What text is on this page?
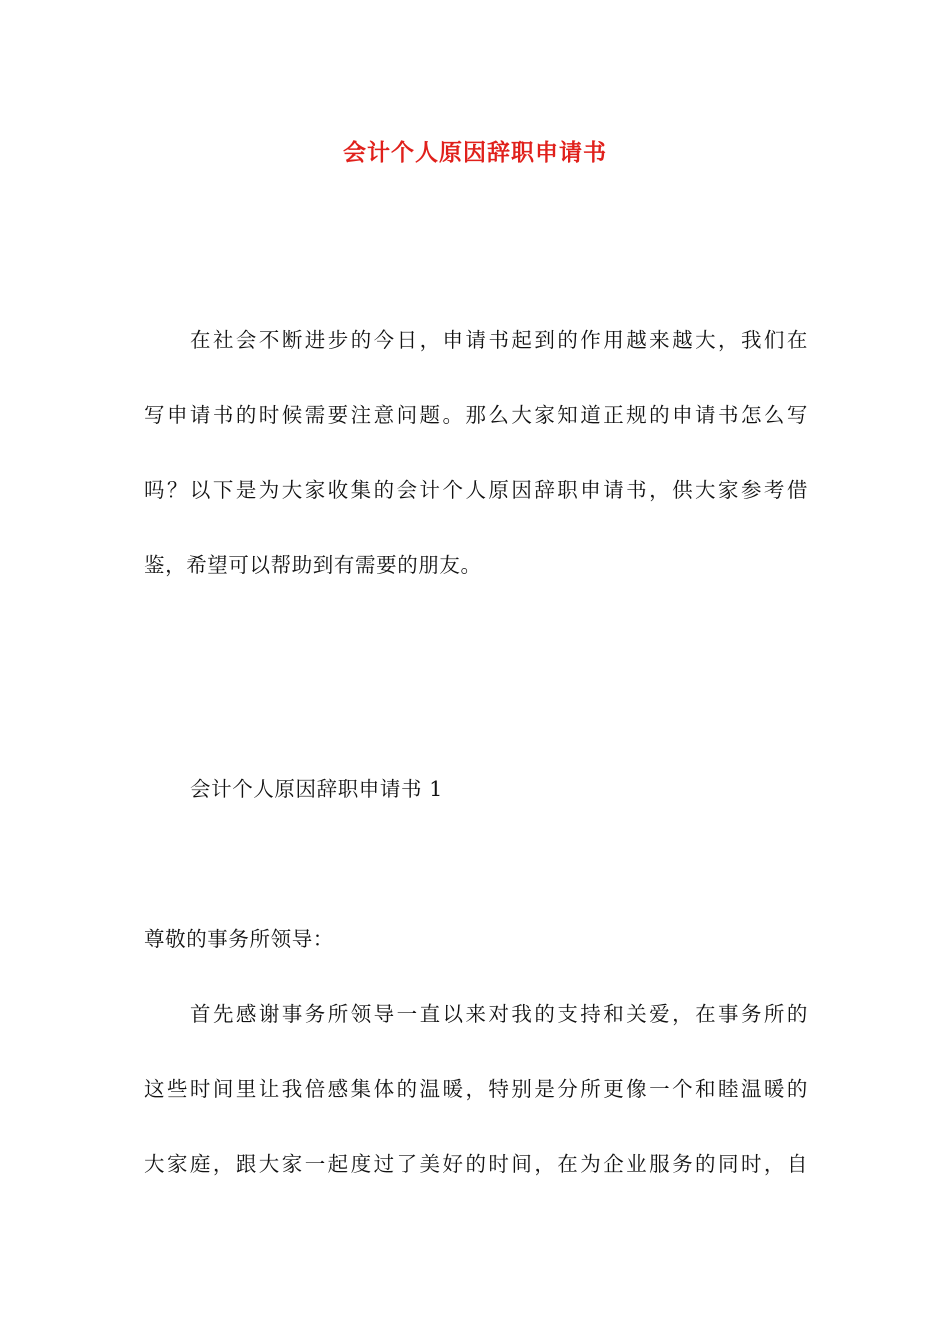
会计个人原因辞职申请书
在社会不断进步的今日，申请书起到的作用越来越大，我们在
写申请书的时候需要注意问题。那么大家知道正规的申请书怎么写
吗？以下是为大家收集的会计个人原因辞职申请书，供大家参考借
鉴，希望可以帮助到有需要的朋友。
会计个人原因辞职申请书 1
尊敬的事务所领导：
首先感谢事务所领导一直以来对我的支持和关爱，在事务所的
这些时间里让我倍感集体的温暖，特别是分所更像一个和睦温暖的
大家庭，跟大家一起度过了美好的时间，在为企业服务的同时，自
